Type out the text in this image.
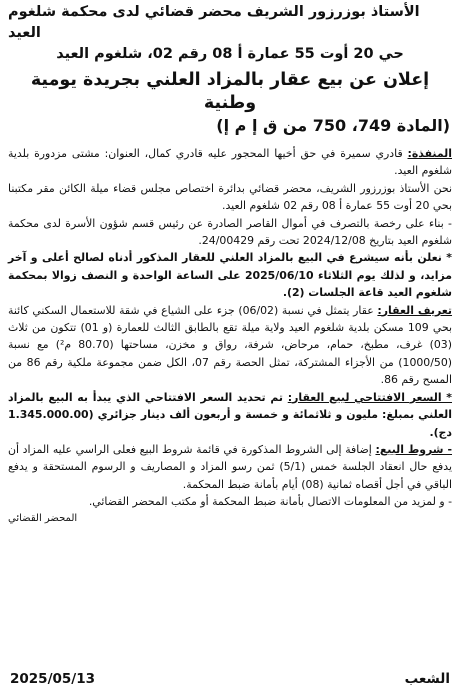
الأستاذ بوزرزور الشريف محضر قضائي لدى محكمة شلغوم العيد

حي 20 أوت 55 عمارة أ 08 رقم 02، شلغوم العيد

إعلان عن بيع عقار بالمزاد العلني بجريدة يومية وطنية

(المادة 749، 750 من ق إ م إ)

المنفذة: قادري سميرة في حق أخيها المحجور عليه قادري كمال، العنوان: مشتى مزدورة بلدية شلغوم العيد.

نحن الأستاذ بوزرزور الشريف، محضر قضائي بدائرة اختصاص مجلس قضاء ميلة الكائن مقر مكتبنا بحي 20 أوت 55 عمارة أ 08 رقم 02 شلغوم العيد.

- بناء على رخصة بالتصرف في أموال القاصر الصادرة عن رئيس قسم شؤون الأسرة لدى محكمة شلغوم العيد بتاريخ 2024/12/08 تحت رقم 24/00429.

* نعلن بأنه سيشرع في البيع بالمزاد العلني للعقار المذكور أدناه لصالح أعلى و آخر مزايد، و لذلك يوم الثلاثاء 2025/06/10 على الساعة الواحدة و النصف زوالا بمحكمة شلغوم العيد قاعة الجلسات (2).

تعريف العقار: عقار يتمثل في نسبة (06/02) جزء على الشياع في شقة للاستعمال السكني كائنة بحي 109 مسكن بلدية شلغوم العيد ولاية ميلة تقع بالطابق الثالث للعمارة (و 01) تتكون من ثلاث (03) غرف، مطبخ، حمام، مرحاض، شرفة، رواق و مخزن، مساحتها (80.70 م²) مع نسبة (1000/50) من الأجزاء المشتركة، تمثل الحصة رقم 07، الكل ضمن مجموعة ملكية رقم 86 من المسح رقم 86.

* السعر الافتتاحي لبيع العقار: تم تحديد السعر الافتتاحي الذي يبدأ به البيع بالمزاد العلني بمبلغ: مليون و ثلاثمائة و خمسة و أربعون ألف دينار جزائري (1.345.000.00 دج).

- شروط البيع: إضافة إلى الشروط المذكورة في قائمة شروط البيع فعلى الراسي عليه المزاد أن يدفع حال انعقاد الجلسة خمس (5/1) ثمن رسو المزاد و المصاريف و الرسوم المستحقة و يدفع الباقي في أجل أقصاه ثمانية (08) أيام بأمانة ضبط المحكمة.

- و لمزيد من المعلومات الاتصال بأمانة ضبط المحكمة أو مكتب المحضر القضائي.

المحضر القضائي

الشعب
2025/05/13
